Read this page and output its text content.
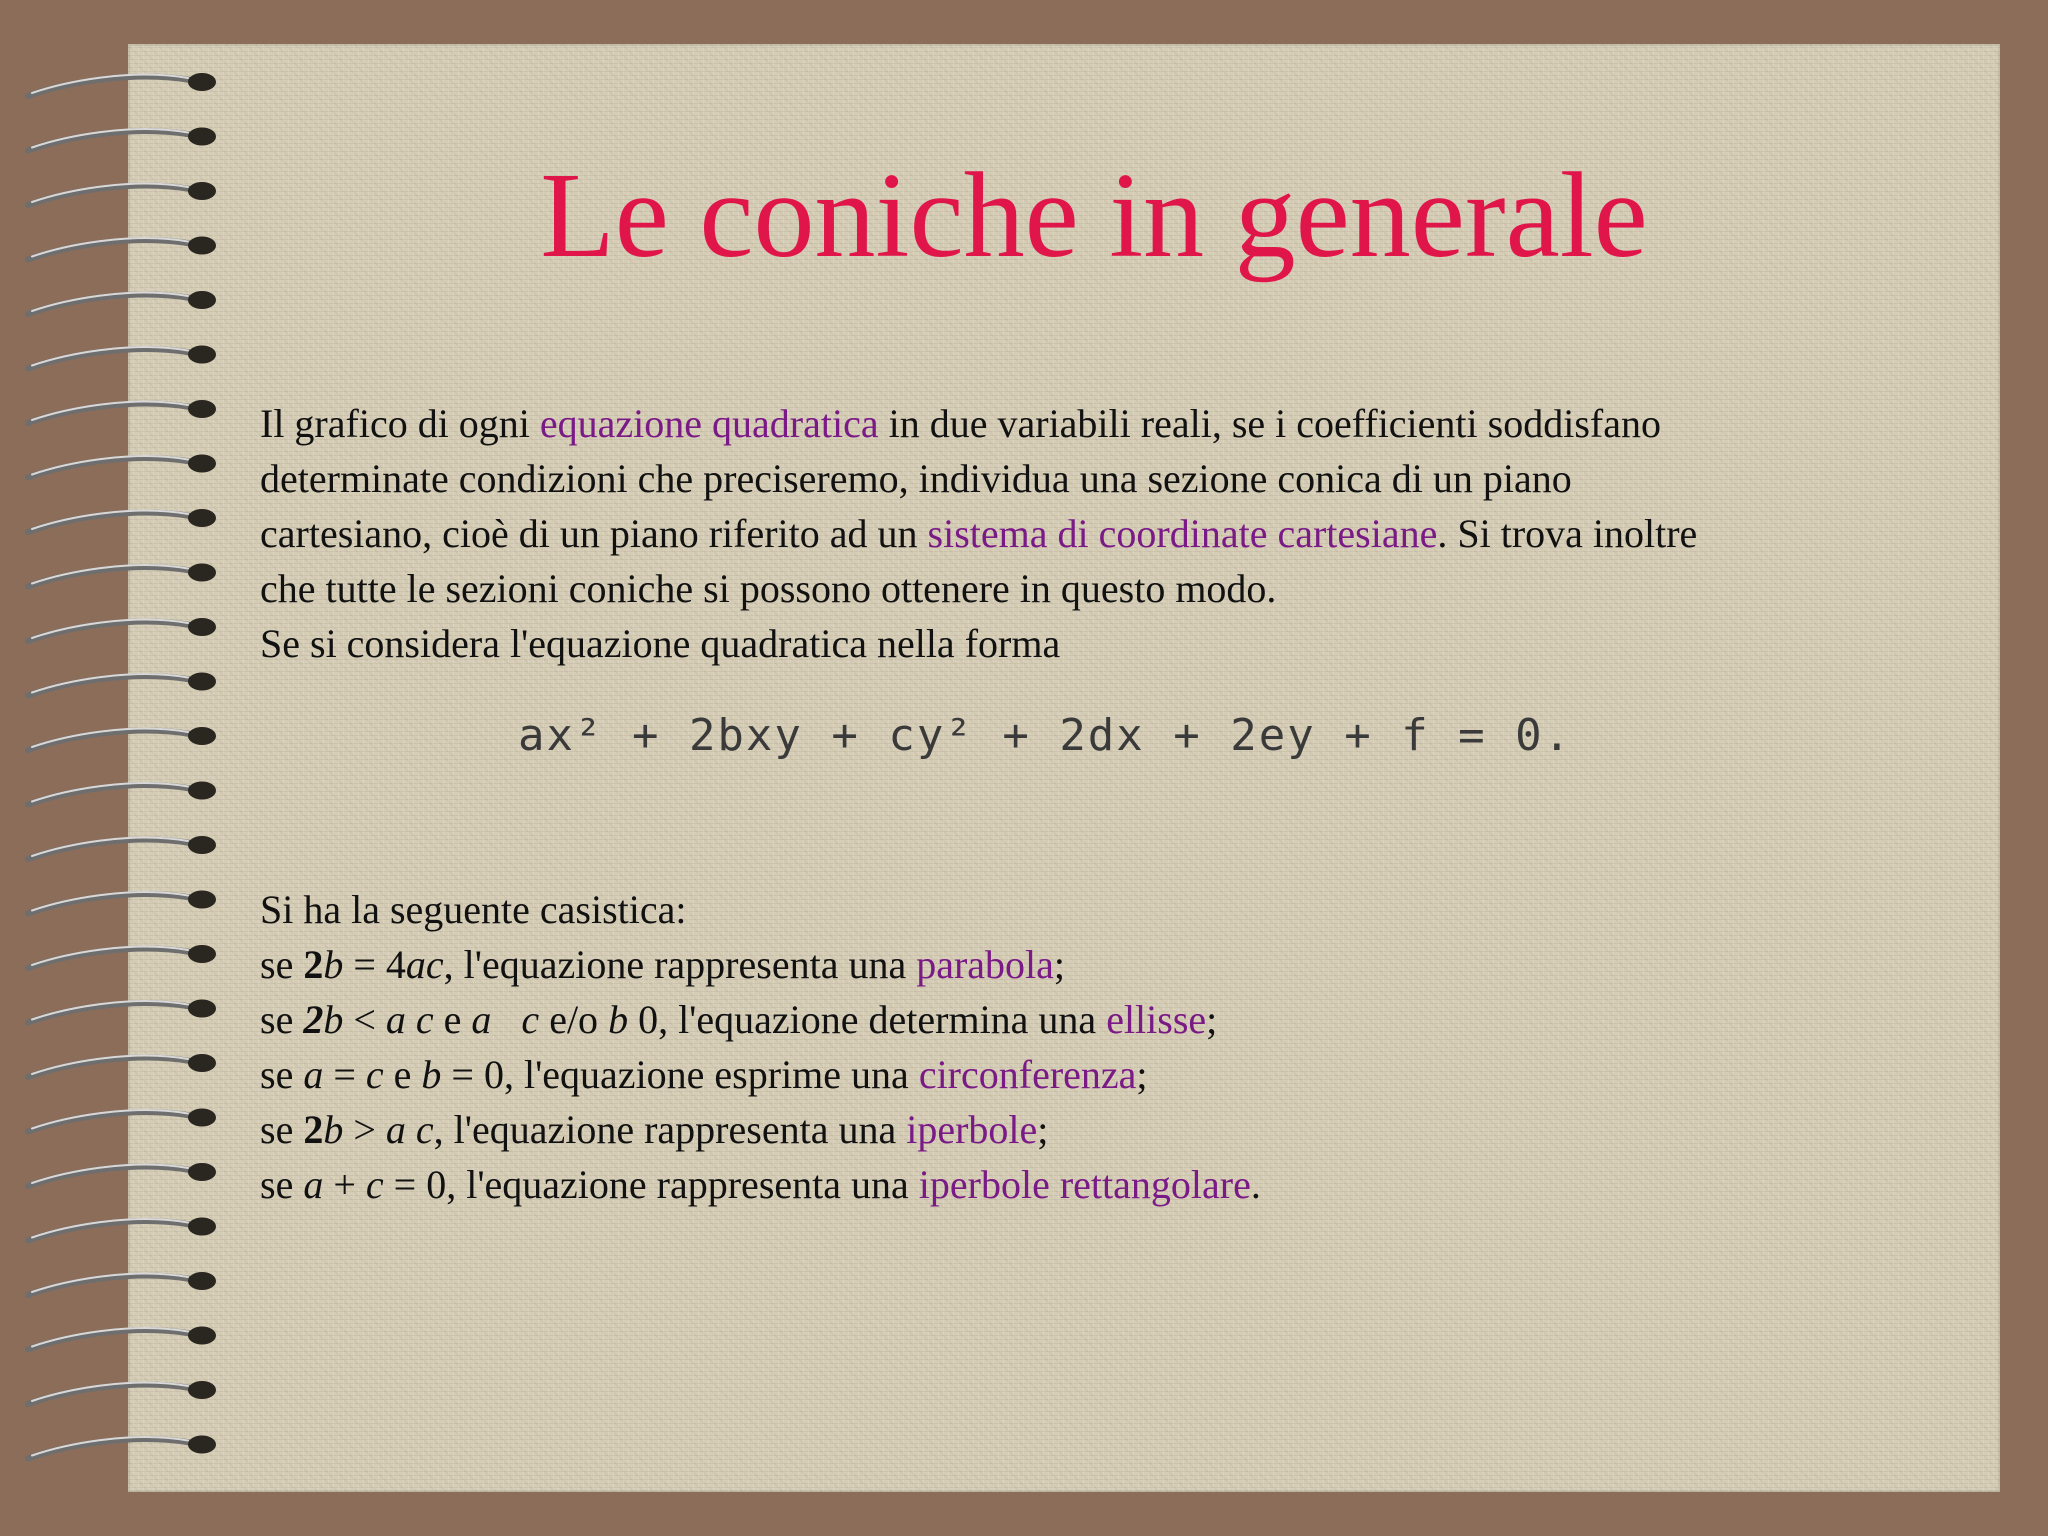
Le coniche in generale
Il grafico di ogni equazione quadratica in due variabili reali, se i coefficienti soddisfano
determinate condizioni che preciseremo, individua una sezione conica di un piano
cartesiano, cioè di un piano riferito ad un sistema di coordinate cartesiane. Si trova inoltre
che tutte le sezioni coniche si possono ottenere in questo modo.
Se si considera l'equazione quadratica nella forma
ax² + 2bxy + cy² + 2dx + 2ey + f = 0.
Si ha la seguente casistica:
se 2b = 4ac, l'equazione rappresenta una parabola;
se 2b < a c e a c e/o b 0, l'equazione determina una ellisse;
se a = c e b = 0, l'equazione esprime una circonferenza;
se 2b > a c, l'equazione rappresenta una iperbole;
se a + c = 0, l'equazione rappresenta una iperbole rettangolare.
